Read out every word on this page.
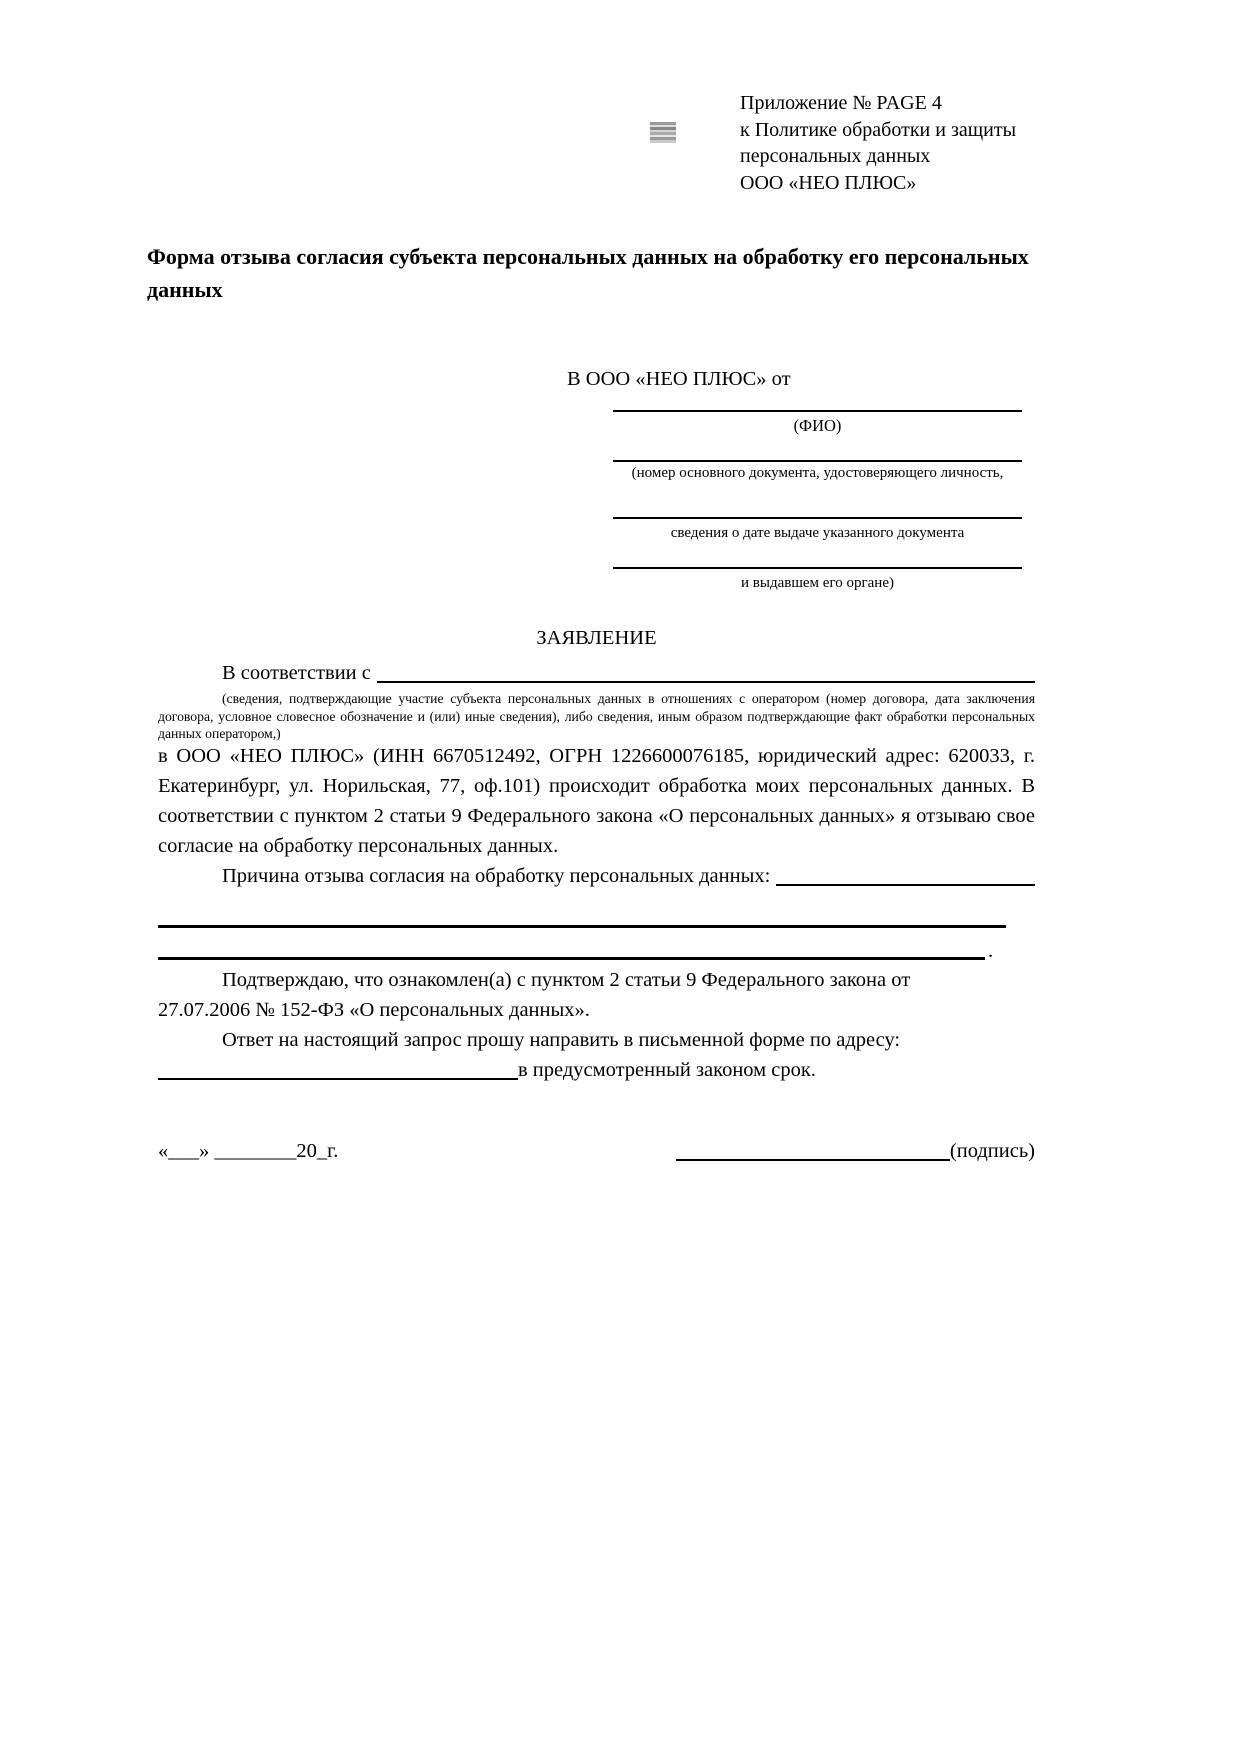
Приложение № PAGE 4
к Политике обработки и защиты
персональных данных
ООО «НЕО ПЛЮС»
Форма отзыва согласия субъекта персональных данных на обработку его персональных данных
В ООО «НЕО ПЛЮС» от
(ФИО)
(номер основного документа, удостоверяющего личность,
сведения о дате выдаче указанного документа
и выдавшем его органе)
ЗАЯВЛЕНИЕ
В соответствии с
(сведения, подтверждающие участие субъекта персональных данных в отношениях с оператором (номер договора, дата заключения договора, условное словесное обозначение и (или) иные сведения), либо сведения, иным образом подтверждающие факт обработки персональных данных оператором,)
в ООО «НЕО ПЛЮС» (ИНН 6670512492, ОГРН 1226600076185, юридический адрес: 620033, г. Екатеринбург, ул. Норильская, 77, оф.101) происходит обработка моих персональных данных. В соответствии с пунктом 2 статьи 9 Федерального закона «О персональных данных» я отзываю свое согласие на обработку персональных данных.
Причина отзыва согласия на обработку персональных данных:
.
Подтверждаю, что ознакомлен(а) с пунктом 2 статьи 9 Федерального закона от
27.07.2006 № 152-ФЗ «О персональных данных».
Ответ на настоящий запрос прошу направить в письменной форме по адресу:
в предусмотренный законом срок.
«___» ________20_г.	(подпись)
